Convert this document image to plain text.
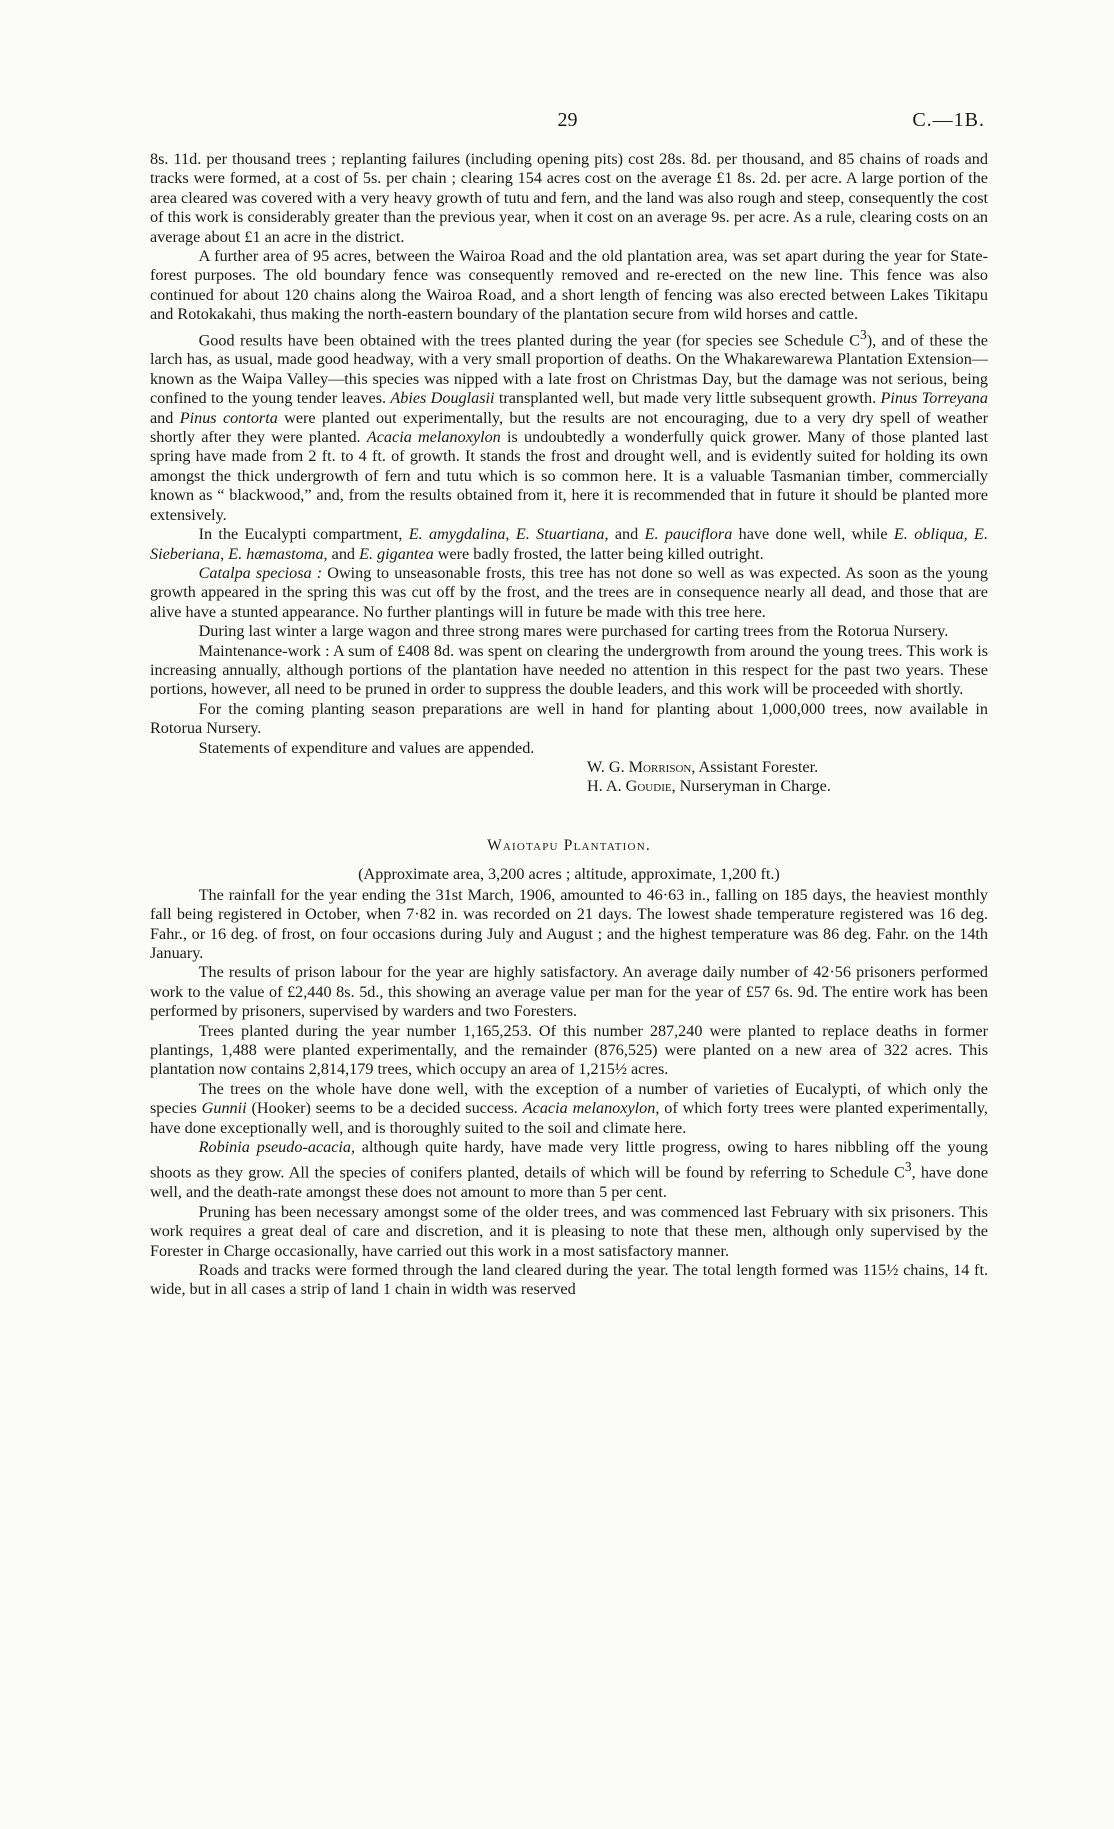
29	C.—1B.

8s. 11d. per thousand trees ; replanting failures (including opening pits) cost 28s. 8d. per thousand, and 85 chains of roads and tracks were formed, at a cost of 5s. per chain ; clearing 154 acres cost on the average £1 8s. 2d. per acre. A large portion of the area cleared was covered with a very heavy growth of tutu and fern, and the land was also rough and steep, consequently the cost of this work is considerably greater than the previous year, when it cost on an average 9s. per acre. As a rule, clearing costs on an average about £1 an acre in the district.

A further area of 95 acres, between the Wairoa Road and the old plantation area, was set apart during the year for State-forest purposes. The old boundary fence was consequently removed and re-erected on the new line. This fence was also continued for about 120 chains along the Wairoa Road, and a short length of fencing was also erected between Lakes Tikitapu and Rotokakahi, thus making the north-eastern boundary of the plantation secure from wild horses and cattle.

Good results have been obtained with the trees planted during the year (for species see Schedule $C^3$), and of these the larch has, as usual, made good headway, with a very small proportion of deaths. On the Whakarewarewa Plantation Extension—known as the Waipa Valley—this species was nipped with a late frost on Christmas Day, but the damage was not serious, being confined to the young tender leaves. Abies Douglasii transplanted well, but made very little subsequent growth. Pinus Torreyana and Pinus contorta were planted out experimentally, but the results are not encouraging, due to a very dry spell of weather shortly after they were planted. Acacia melanoxylon is undoubtedly a wonderfully quick grower. Many of those planted last spring have made from 2 ft. to 4 ft. of growth. It stands the frost and drought well, and is evidently suited for holding its own amongst the thick undergrowth of fern and tutu which is so common here. It is a valuable Tasmanian timber, commercially known as “ blackwood,” and, from the results obtained from it, here it is recommended that in future it should be planted more extensively.

In the Eucalypti compartment, E. amygdalina, E. Stuartiana, and E. pauciflora have done well, while E. obliqua, E. Sieberiana, E. hæmastoma, and E. gigantea were badly frosted, the latter being killed outright.

Catalpa speciosa : Owing to unseasonable frosts, this tree has not done so well as was expected. As soon as the young growth appeared in the spring this was cut off by the frost, and the trees are in consequence nearly all dead, and those that are alive have a stunted appearance. No further plantings will in future be made with this tree here.

During last winter a large wagon and three strong mares were purchased for carting trees from the Rotorua Nursery.

Maintenance-work : A sum of £408 8d. was spent on clearing the undergrowth from around the young trees. This work is increasing annually, although portions of the plantation have needed no attention in this respect for the past two years. These portions, however, all need to be pruned in order to suppress the double leaders, and this work will be proceeded with shortly.

For the coming planting season preparations are well in hand for planting about 1,000,000 trees, now available in Rotorua Nursery.

Statements of expenditure and values are appended.

W. G. Morrison, Assistant Forester.
H. A. Goudie, Nurseryman in Charge.
Waiotapu Plantation.
(Approximate area, 3,200 acres ; altitude, approximate, 1,200 ft.)

The rainfall for the year ending the 31st March, 1906, amounted to 46·63 in., falling on 185 days, the heaviest monthly fall being registered in October, when 7·82 in. was recorded on 21 days. The lowest shade temperature registered was 16 deg. Fahr., or 16 deg. of frost, on four occasions during July and August ; and the highest temperature was 86 deg. Fahr. on the 14th January.

The results of prison labour for the year are highly satisfactory. An average daily number of 42·56 prisoners performed work to the value of £2,440 8s. 5d., this showing an average value per man for the year of £57 6s. 9d. The entire work has been performed by prisoners, supervised by warders and two Foresters.

Trees planted during the year number 1,165,253. Of this number 287,240 were planted to replace deaths in former plantings, 1,488 were planted experimentally, and the remainder (876,525) were planted on a new area of 322 acres. This plantation now contains 2,814,179 trees, which occupy an area of 1,215½ acres.

The trees on the whole have done well, with the exception of a number of varieties of Eucalypti, of which only the species Gunnii (Hooker) seems to be a decided success. Acacia melanoxylon, of which forty trees were planted experimentally, have done exceptionally well, and is thoroughly suited to the soil and climate here.

Robinia pseudo-acacia, although quite hardy, have made very little progress, owing to hares nibbling off the young shoots as they grow. All the species of conifers planted, details of which will be found by referring to Schedule $C^3$, have done well, and the death-rate amongst these does not amount to more than 5 per cent.

Pruning has been necessary amongst some of the older trees, and was commenced last February with six prisoners. This work requires a great deal of care and discretion, and it is pleasing to note that these men, although only supervised by the Forester in Charge occasionally, have carried out this work in a most satisfactory manner.

Roads and tracks were formed through the land cleared during the year. The total length formed was 115½ chains, 14 ft. wide, but in all cases a strip of land 1 chain in width was reserved
